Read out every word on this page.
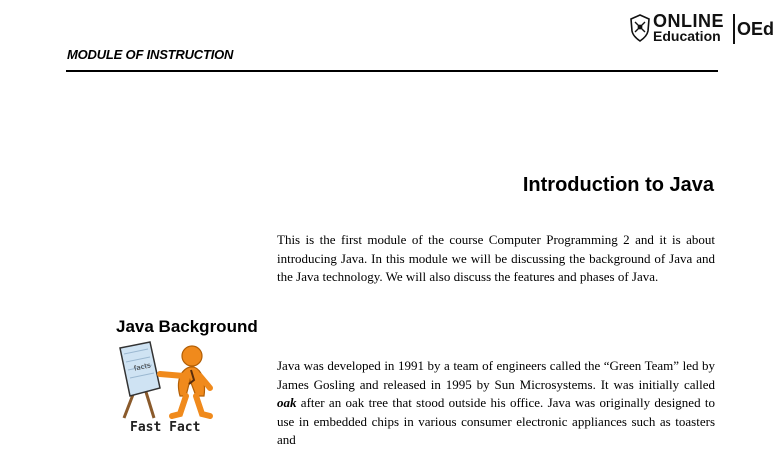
ONLINE
Education OEd
MODULE OF INSTRUCTION
Introduction to Java

This is the first module of the course Computer Programming 2 and it is about introducing Java. In this module we will be discussing the background of Java and the Java technology. We will also discuss the features and phases of Java.

Java Background
facts
Fast Fact

Java was developed in 1991 by a team of engineers called the “Green Team” led by James Gosling and released in 1995 by Sun Microsystems. It was initially called oak after an oak tree that stood outside his office. Java was originally designed to use in embedded chips in various consumer electronic appliances such as toasters and
